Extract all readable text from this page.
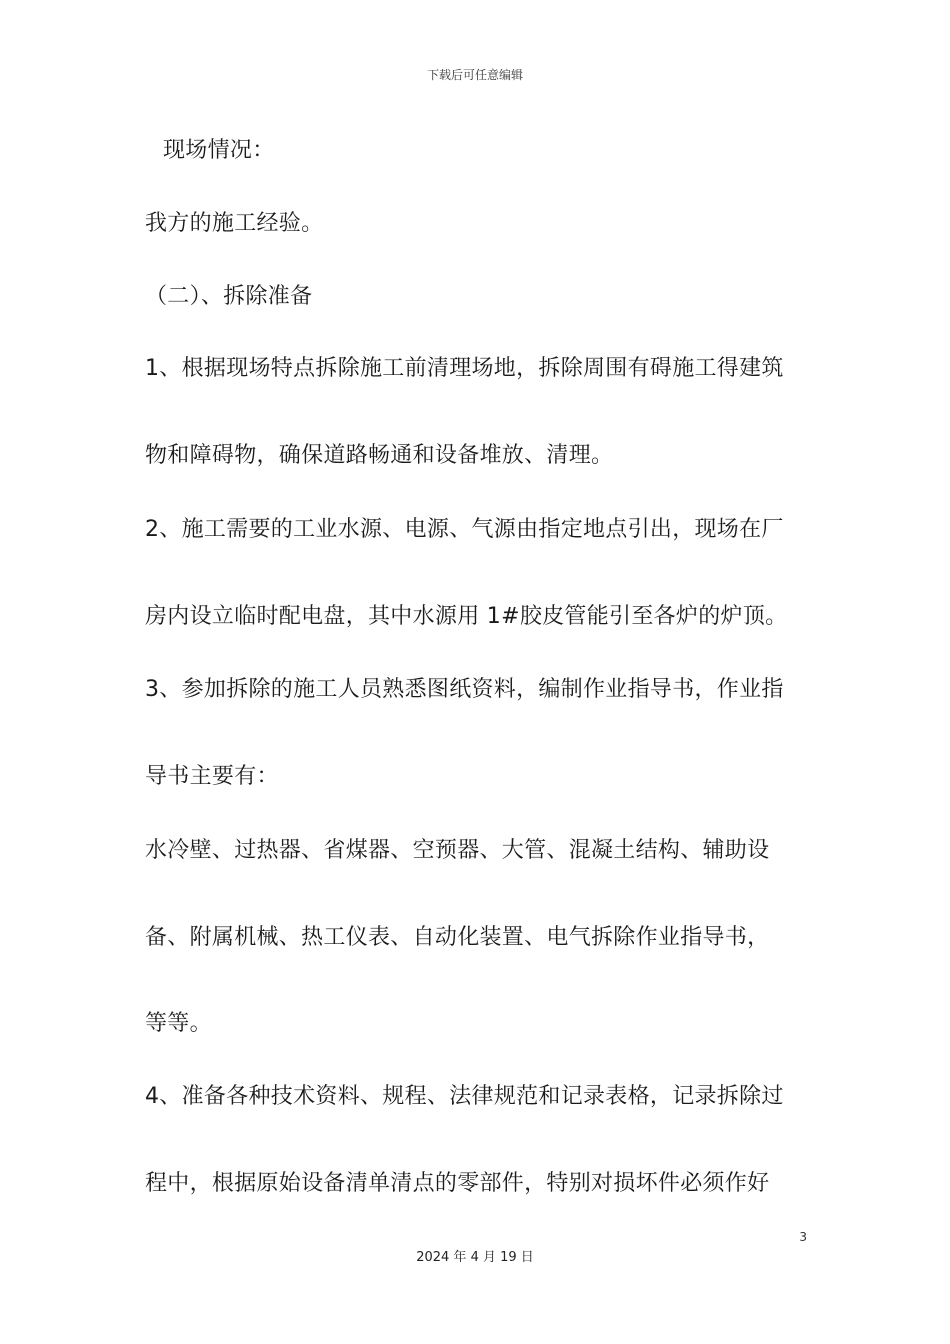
下载后可任意编辑
现场情况：
我方的施工经验。
（二）、拆除准备
1、根据现场特点拆除施工前清理场地，拆除周围有碍施工得建筑
物和障碍物，确保道路畅通和设备堆放、清理。
2、施工需要的工业水源、电源、气源由指定地点引出，现场在厂
房内设立临时配电盘，其中水源用 1#胶皮管能引至各炉的炉顶。
3、参加拆除的施工人员熟悉图纸资料，编制作业指导书，作业指
导书主要有：
水冷壁、过热器、省煤器、空预器、大管、混凝土结构、辅助设
备、附属机械、热工仪表、自动化装置、电气拆除作业指导书，
等等。
4、准备各种技术资料、规程、法律规范和记录表格，记录拆除过
程中，根据原始设备清单清点的零部件，特别对损坏件必须作好
3
2024 年 4 月 19 日
